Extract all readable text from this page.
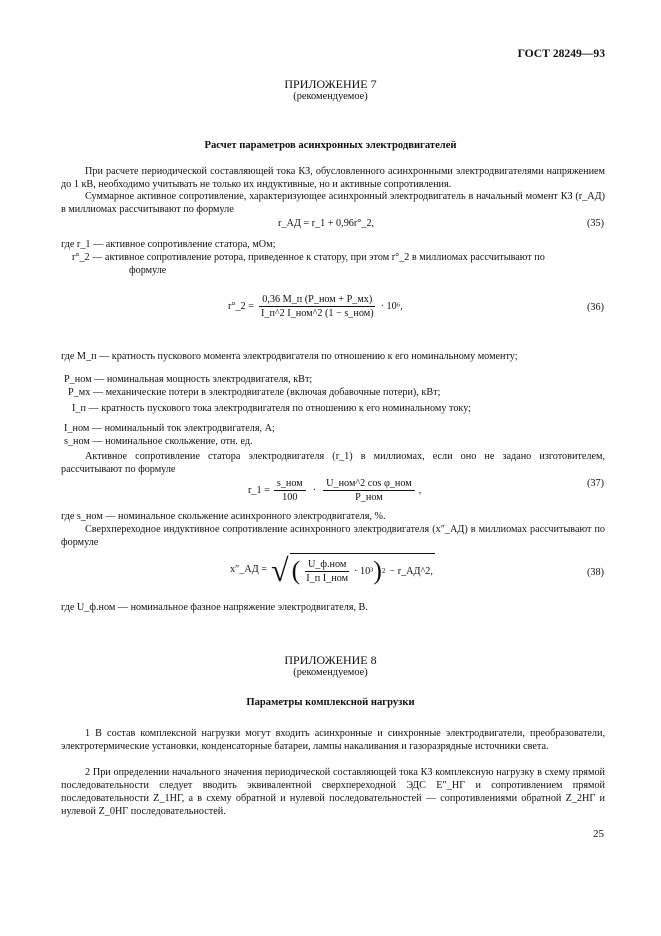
ГОСТ 28249—93
ПРИЛОЖЕНИЕ 7
(рекомендуемое)
Расчет параметров асинхронных электродвигателей
При расчете периодической составляющей тока КЗ, обусловленного асинхронными электродвигателями напряжением до 1 кВ, необходимо учитывать не только их индуктивные, но и активные сопротивления.
Суммарное активное сопротивление, характеризующее асинхронный электродвигатель в начальный момент КЗ (r_АД) в миллиомах рассчитывают по формуле
r_АД = r_1 + 0,96r°_2,	(35)
где r_1 — активное сопротивление статора, мОм;
r°_2 — активное сопротивление ротора, приведенное к статору, при этом r°_2 в миллиомах рассчитывают по
формуле
r°_2 = $\frac{\text{0,36 M\_п (P\_ном + P\_мх)}}{\text{I\_п\textasciicircum{}2 I\_ном\textasciicircum{}2 (1 − s\_ном)}} \cdot 10^6$,	(36)
где M_п — кратность пускового момента электродвигателя по отношению к его номинальному моменту;
P_ном — номинальная мощность электродвигателя, кВт;
P_мх — механические потери в электродвигателе (включая добавочные потери), кВт;
I_п — кратность пускового тока электродвигателя по отношению к его номинальному току;
I_ном — номинальный ток электродвигателя, А;
s_ном — номинальное скольжение, отн. ед.
Активное сопротивление статора электродвигателя (r_1) в миллиомах, если оно не задано изготовителем, рассчитывают по формуле
r_1 = $\frac{\text{s\_ном}}{100} \cdot \frac{\text{U\_ном\textasciicircum{}2 cos φ\_ном}}{\text{P\_ном}}$ ,
(37)
где s_ном — номинальное скольжение асинхронного электродвигателя, %.
Сверхпереходное индуктивное сопротивление асинхронного электродвигателя (x″_АД) в миллиомах рассчитывают по формуле
x″_АД = √ ( $\frac{\text{U\_ф.ном}}{\text{I\_п I\_ном}} \cdot 10^3$ ) 2 − r_АД^2,	(38)
где U_ф.ном — номинальное фазное напряжение электродвигателя, В.
ПРИЛОЖЕНИЕ 8
(рекомендуемое)
Параметры комплексной нагрузки
1 В состав комплексной нагрузки могут входить асинхронные и синхронные электродвигатели, преобразователи, электротермические установки, конденсаторные батареи, лампы накаливания и газоразрядные источники света.
2 При определении начального значения периодической составляющей тока КЗ комплексную нагрузку в схему прямой последовательности следует вводить эквивалентной сверхпереходной ЭДС E″_НГ и сопротивлением прямой последовательности Z_1НГ, а в схему обратной и нулевой последовательностей — сопротивлениями обратной Z_2НГ и нулевой Z_0НГ последовательностей.
25
